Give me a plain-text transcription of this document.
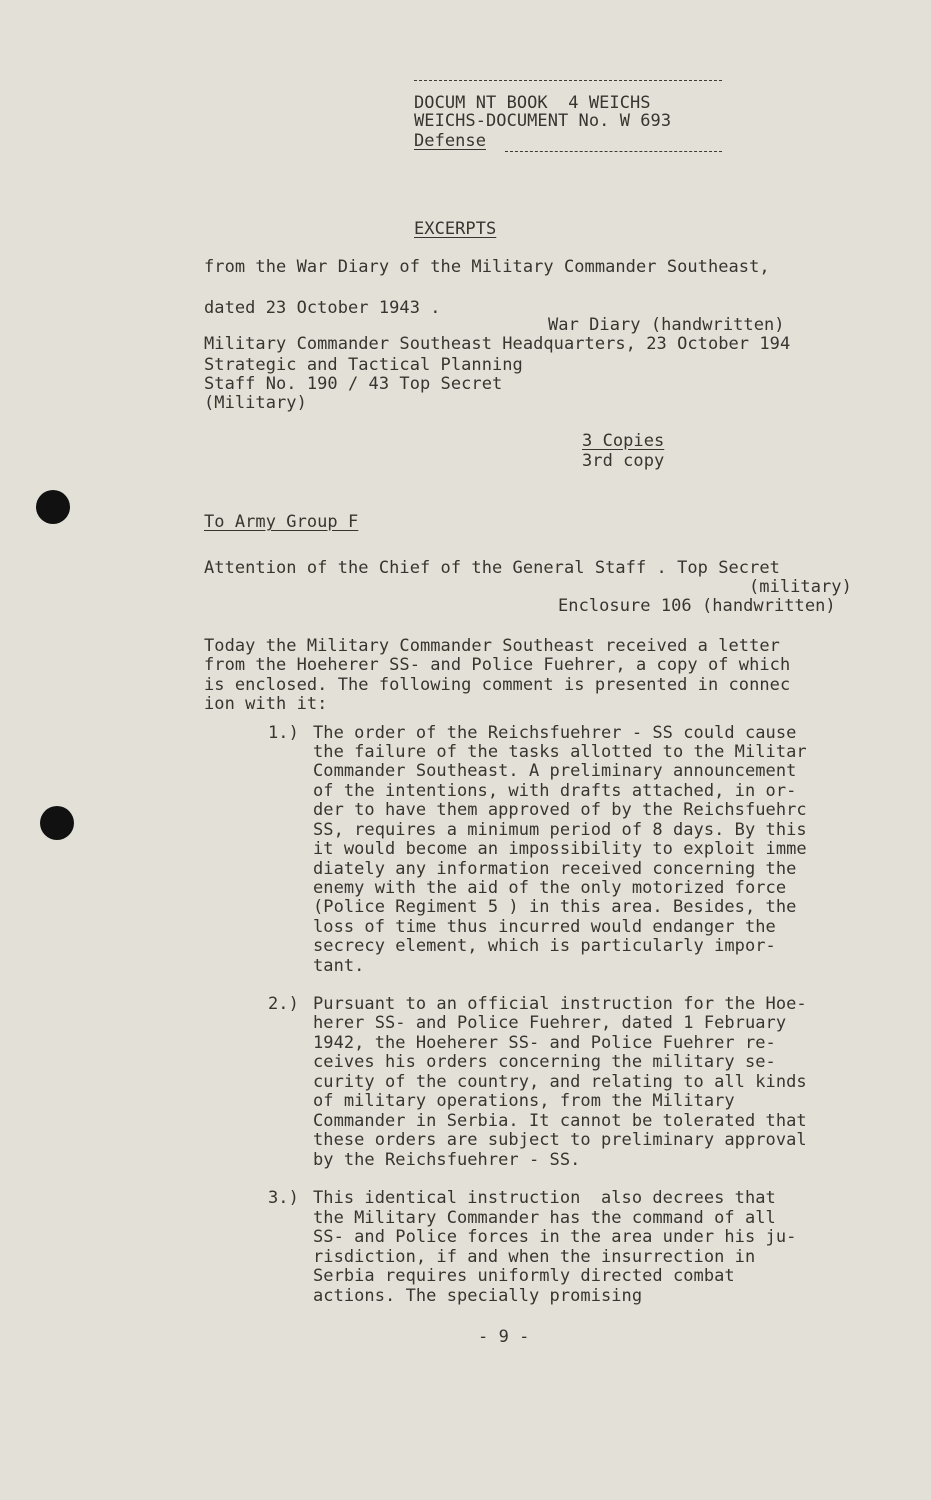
DOCUM NT BOOK  4 WEICHS
WEICHS-DOCUMENT No. W 693
Defense
EXCERPTS
from the War Diary of the Military Commander Southeast,
dated 23 October 1943 .
War Diary (handwritten)
Military Commander Southeast Headquarters, 23 October 194
Strategic and Tactical Planning
Staff No. 190 / 43 Top Secret
(Military)
3 Copies
3rd copy
To Army Group F
Attention of the Chief of the General Staff . Top Secret
(military)
Enclosure 106 (handwritten)
Today the Military Commander Southeast received a letter
from the Hoeherer SS- and Police Fuehrer, a copy of which
is enclosed. The following comment is presented in connec
ion with it:
1.) The order of the Reichsfuehrer - SS could cause
the failure of the tasks allotted to the Militar
Commander Southeast. A preliminary announcement
of the intentions, with drafts attached, in or-
der to have them approved of by the Reichsfuehrc
SS, requires a minimum period of 8 days. By this
it would become an impossibility to exploit imme
diately any information received concerning the
enemy with the aid of the only motorized force
(Police Regiment 5 ) in this area. Besides, the
loss of time thus incurred would endanger the
secrecy element, which is particularly impor-
tant.
2.) Pursuant to an official instruction for the Hoe-
herer SS- and Police Fuehrer, dated 1 February
1942, the Hoeherer SS- and Police Fuehrer re-
ceives his orders concerning the military se-
curity of the country, and relating to all kinds
of military operations, from the Military
Commander in Serbia. It cannot be tolerated that
these orders are subject to preliminary approval
by the Reichsfuehrer - SS.
3.) This identical instruction  also decrees that
the Military Commander has the command of all
SS- and Police forces in the area under his ju-
risdiction, if and when the insurrection in
Serbia requires uniformly directed combat
actions. The specially promising
- 9 -
